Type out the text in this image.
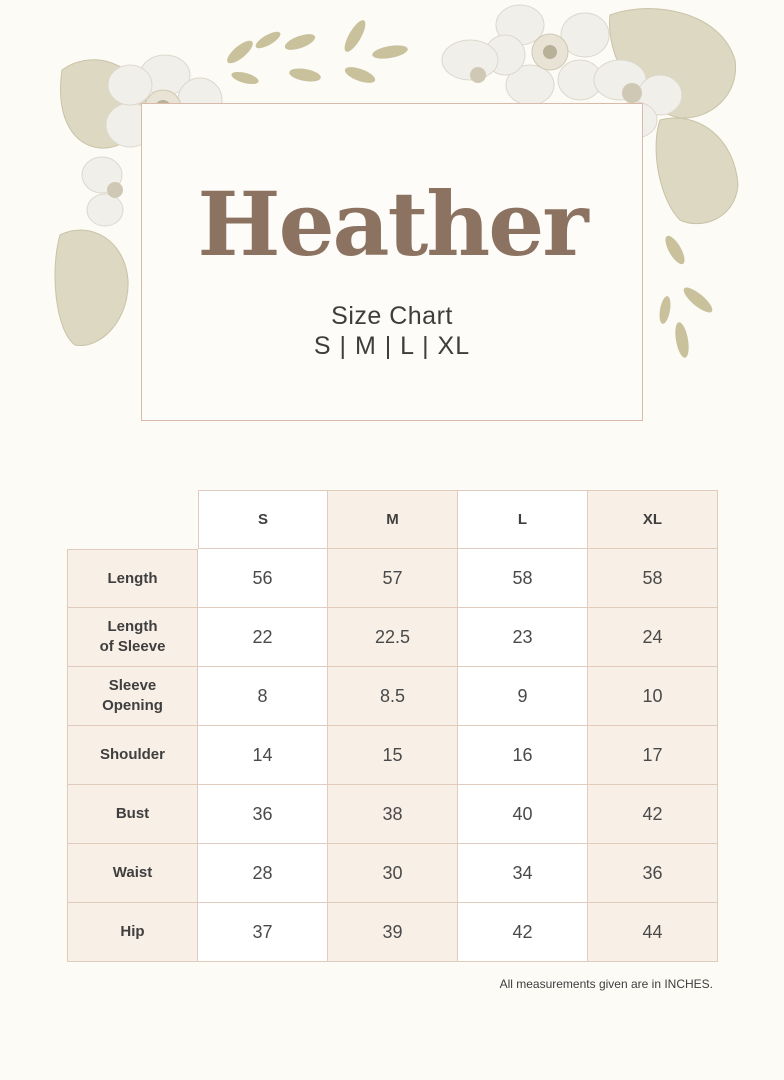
Heather
Size Chart
S | M | L | XL
S	M	L	XL
Length	56	57	58	58
Length
of Sleeve	22	22.5	23	24
Sleeve
Opening	8	8.5	9	10
Shoulder	14	15	16	17
Bust	36	38	40	42
Waist	28	30	34	36
Hip	37	39	42	44
All measurements given are in INCHES.
